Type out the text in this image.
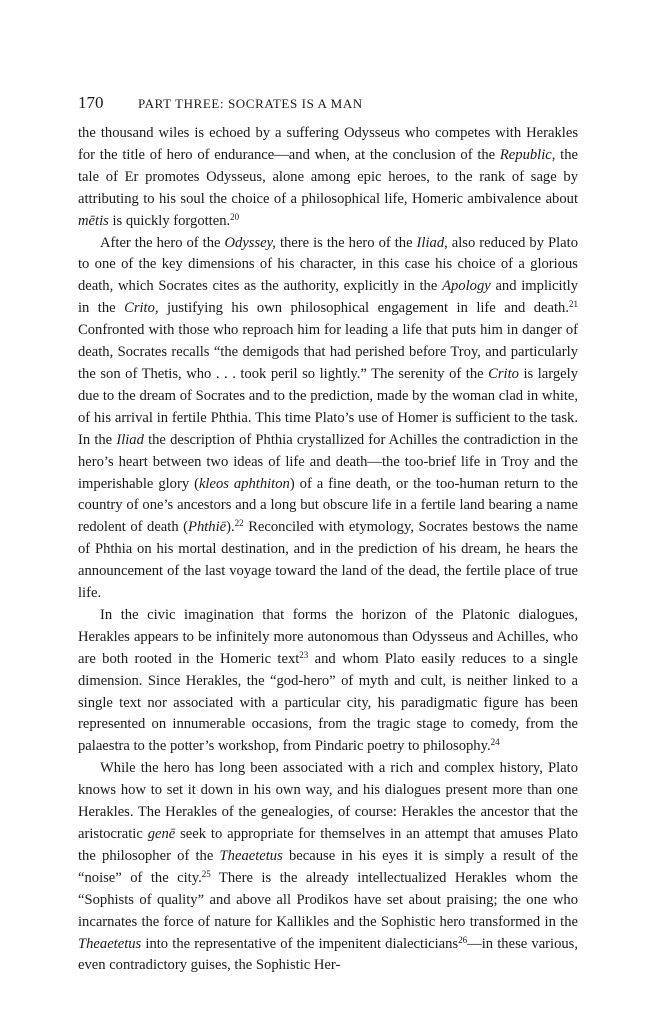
170	PART THREE: SOCRATES IS A MAN

the thousand wiles is echoed by a suffering Odysseus who competes with Herakles for the title of hero of endurance—and when, at the conclusion of the Republic, the tale of Er promotes Odysseus, alone among epic heroes, to the rank of sage by attributing to his soul the choice of a philosophical life, Homeric ambivalence about mētis is quickly forgotten.$^{20}$

After the hero of the Odyssey, there is the hero of the Iliad, also reduced by Plato to one of the key dimensions of his character, in this case his choice of a glorious death, which Socrates cites as the authority, explicitly in the Apology and implicitly in the Crito, justifying his own philosophical engagement in life and death.$^{21}$ Confronted with those who reproach him for leading a life that puts him in danger of death, Socrates recalls “the demigods that had perished before Troy, and particularly the son of Thetis, who . . . took peril so lightly.” The serenity of the Crito is largely due to the dream of Socrates and to the prediction, made by the woman clad in white, of his arrival in fertile Phthia. This time Plato’s use of Homer is sufficient to the task. In the Iliad the description of Phthia crystallized for Achilles the contradiction in the hero’s heart between two ideas of life and death—the too-brief life in Troy and the imperishable glory (kleos aphthiton) of a fine death, or the too-human return to the country of one’s ancestors and a long but obscure life in a fertile land bearing a name redolent of death (Phthiē).$^{22}$ Reconciled with etymology, Socrates bestows the name of Phthia on his mortal destination, and in the prediction of his dream, he hears the announcement of the last voyage toward the land of the dead, the fertile place of true life.

In the civic imagination that forms the horizon of the Platonic dialogues, Herakles appears to be infinitely more autonomous than Odysseus and Achilles, who are both rooted in the Homeric text$^{23}$ and whom Plato easily reduces to a single dimension. Since Herakles, the “god-hero” of myth and cult, is neither linked to a single text nor associated with a particular city, his paradigmatic figure has been represented on innumerable occasions, from the tragic stage to comedy, from the palaestra to the potter’s workshop, from Pindaric poetry to philosophy.$^{24}$

While the hero has long been associated with a rich and complex history, Plato knows how to set it down in his own way, and his dialogues present more than one Herakles. The Herakles of the genealogies, of course: Herakles the ancestor that the aristocratic genē seek to appropriate for themselves in an attempt that amuses Plato the philosopher of the Theaetetus because in his eyes it is simply a result of the “noise” of the city.$^{25}$ There is the already intellectualized Herakles whom the “Sophists of quality” and above all Prodikos have set about praising; the one who incarnates the force of nature for Kallikles and the Sophistic hero transformed in the Theaetetus into the representative of the impenitent dialecticians$^{26}$—in these various, even contradictory guises, the Sophistic Her-
